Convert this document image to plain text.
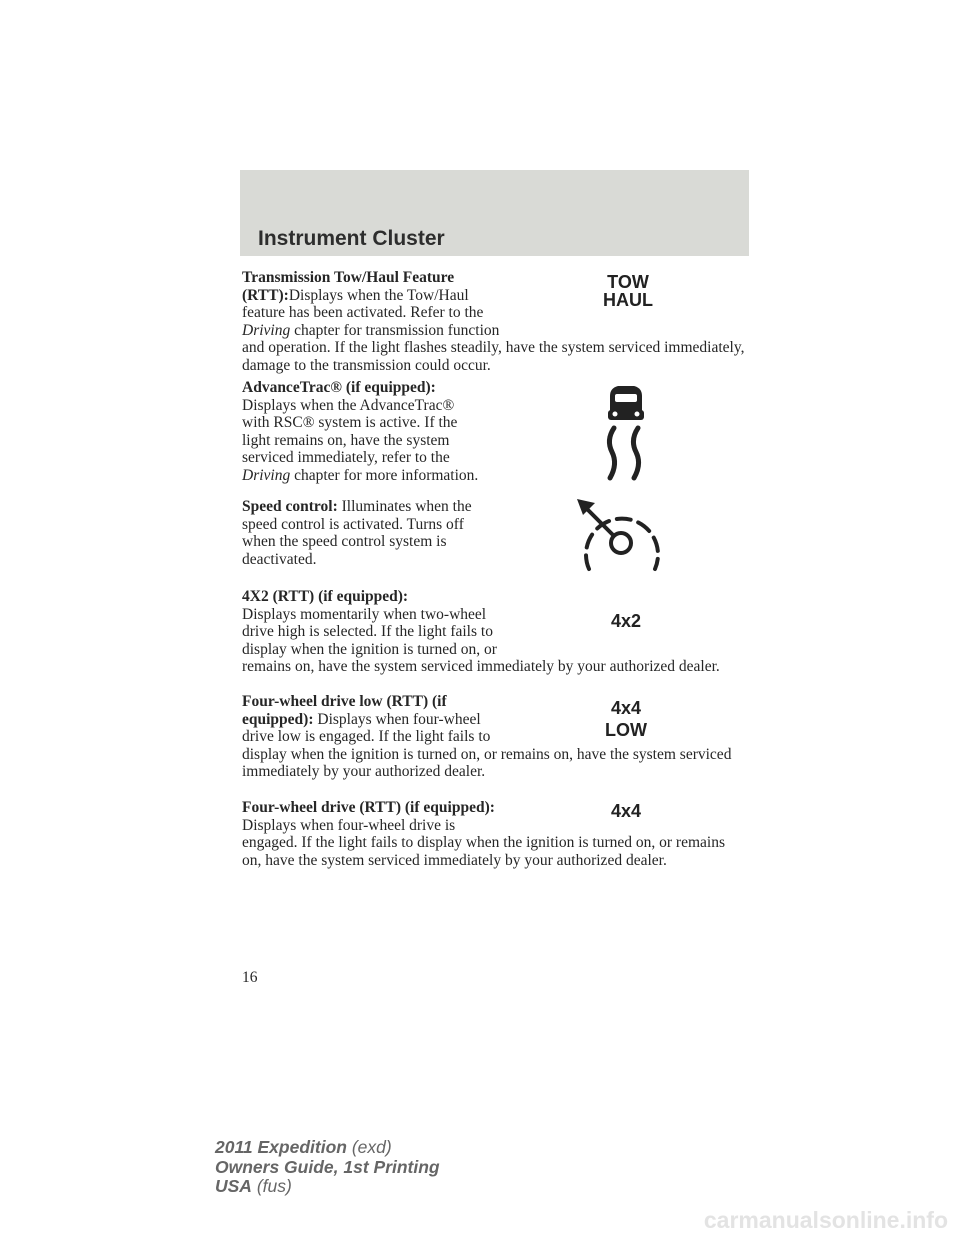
Instrument Cluster
Transmission Tow/Haul Feature
(RTT):Displays when the Tow/Haul feature has been activated. Refer to the Driving chapter for transmission function and operation. If the light flashes steadily, have the system serviced immediately, damage to the transmission could occur.
TOW
HAUL
AdvanceTrac® (if equipped):
Displays when the AdvanceTrac® with RSC® system is active. If the light remains on, have the system serviced immediately, refer to the Driving chapter for more information.
Speed control: Illuminates when the speed control is activated. Turns off when the speed control system is deactivated.
4X2 (RTT) (if equipped):
Displays momentarily when two-wheel drive high is selected. If the light fails to display when the ignition is turned on, or remains on, have the system serviced immediately by your authorized dealer.
4x2
Four-wheel drive low (RTT) (if equipped): Displays when four-wheel drive low is engaged. If the light fails to display when the ignition is turned on, or remains on, have the system serviced immediately by your authorized dealer.
4x4
LOW
Four-wheel drive (RTT) (if equipped): Displays when four-wheel drive is engaged. If the light fails to display when the ignition is turned on, or remains on, have the system serviced immediately by your authorized dealer.
4x4
16
2011 Expedition (exd)
Owners Guide, 1st Printing
USA (fus)
carmanualsonline.info
